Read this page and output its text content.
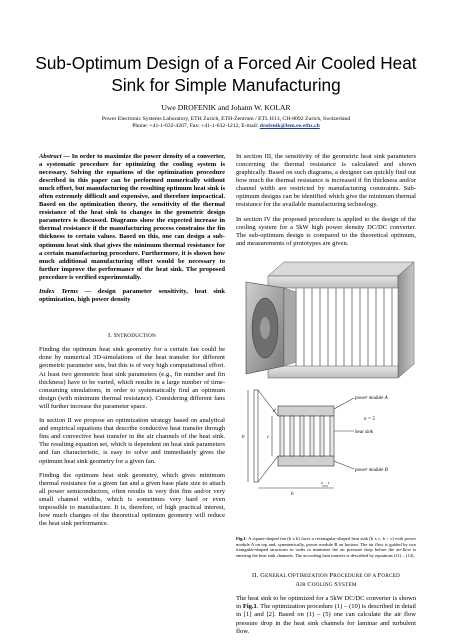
Sub-Optimum Design of a Forced Air Cooled Heat Sink for Simple Manufacturing
Uwe DROFENIK and Johann W. KOLAR
Power Electronic Systems Laboratory, ETH Zurich, ETH-Zentrum / ETL H13, CH-8092 Zurich, Switzerland
Phone: +41-1-632-4267, Fax: +41-1-632-1212, E-mail: drofenik@lem.ee.ethz.ch

Abstract — In order to maximize the power density of a converter, a systematic procedure for optimizing the cooling system is necessary. Solving the equations of the optimization procedure described in this paper can be performed numerically without much effort, but manufacturing the resulting optimum heat sink is often extremely difficult and expensive, and therefore impractical. Based on the optimization theory, the sensitivity of the thermal resistance of the heat sink to changes in the geometric design parameters is discussed. Diagrams show the expected increase in thermal resistance if the manufacturing process constrains the fin thickness to certain values. Based on this, one can design a sub-optimum heat sink that gives the minimum thermal resistance for a certain manufacturing procedure. Furthermore, it is shown how much additional manufacturing effort would be necessary to further improve the performance of the heat sink. The proposed procedure is verified experimentally.

Index Terms — design parameter sensitivity, heat sink optimization, high power density

I. INTRODUCTION

Finding the optimum heat sink geometry for a certain fan could be done by numerical 3D-simulations of the heat transfer for different geometric parameter sets, but this is of very high computational effort. At least two geometric heat sink parameters (e.g., fin number and fin thickness) have to be varied, which results in a large number of time-consuming simulations, in order to systematically find an optimum design (with minimum thermal resistance). Considering different fans will further increase the parameter space.

In section II we propose an optimization strategy based on analytical and empirical equations that describe conductive heat transfer through fins and convective heat transfer in the air channels of the heat sink. The resulting equation set, which is dependent on heat sink parameters and fan characteristic, is easy to solve and immediately gives the optimum heat sink geometry for a given fan.

Finding the optimum heat sink geometry, which gives minimum thermal resistance for a given fan and a given base plate size to attach all power semiconductors, often results in very thin fins and/or very small channel widths, which is sometimes very hard or even impossible to manufacture. It is, therefore, of high practical interest, how much changes of the theoretical optimum geometry will reduce the heat sink performance.

In section III, the sensitivity of the geometric heat sink parameters concerning the thermal resistance is calculated and shown graphically. Based on such diagrams, a designer can quickly find out how much the thermal resistance is increased if fin thickness and/or channel width are restricted by manufacturing constraints. Sub-optimum designs can be identified which give the minimum thermal resistance for the available manufacturing technology.

In section IV the proposed procedure is applied to the design of the cooling system for a 5kW high power density DC/DC converter. The sub-optimum design is compared to the theoretical optimum, and measurements of prototypes are given.

power module A
n = 5
heat sink
power module B
b
b
c
d
s t

Fig.1: A square-shaped fan (b x b) faces a rectangular-shaped heat sink (b x c, b > c) with power module A on top and, symmetrically, power module B on bottom. The air flow is guided by two triangular-shaped structures in order to minimize the air pressure drop before the air-flow is entering the heat sink channels. The according heat transfer is described by equations (11) – (14).

II. GENERAL OPTIMIZATION PROCEDURE OF A FORCED
AIR COOLING SYSTEM

The heat sink to be optimized for a 5kW DC/DC converter is shown in Fig.1. The optimization procedure (1) – (10) is described in detail in [1] and [2]. Based on (1) – (5) one can calculate the air flow pressure drop in the heat sink channels for laminar and turbulent flow.
